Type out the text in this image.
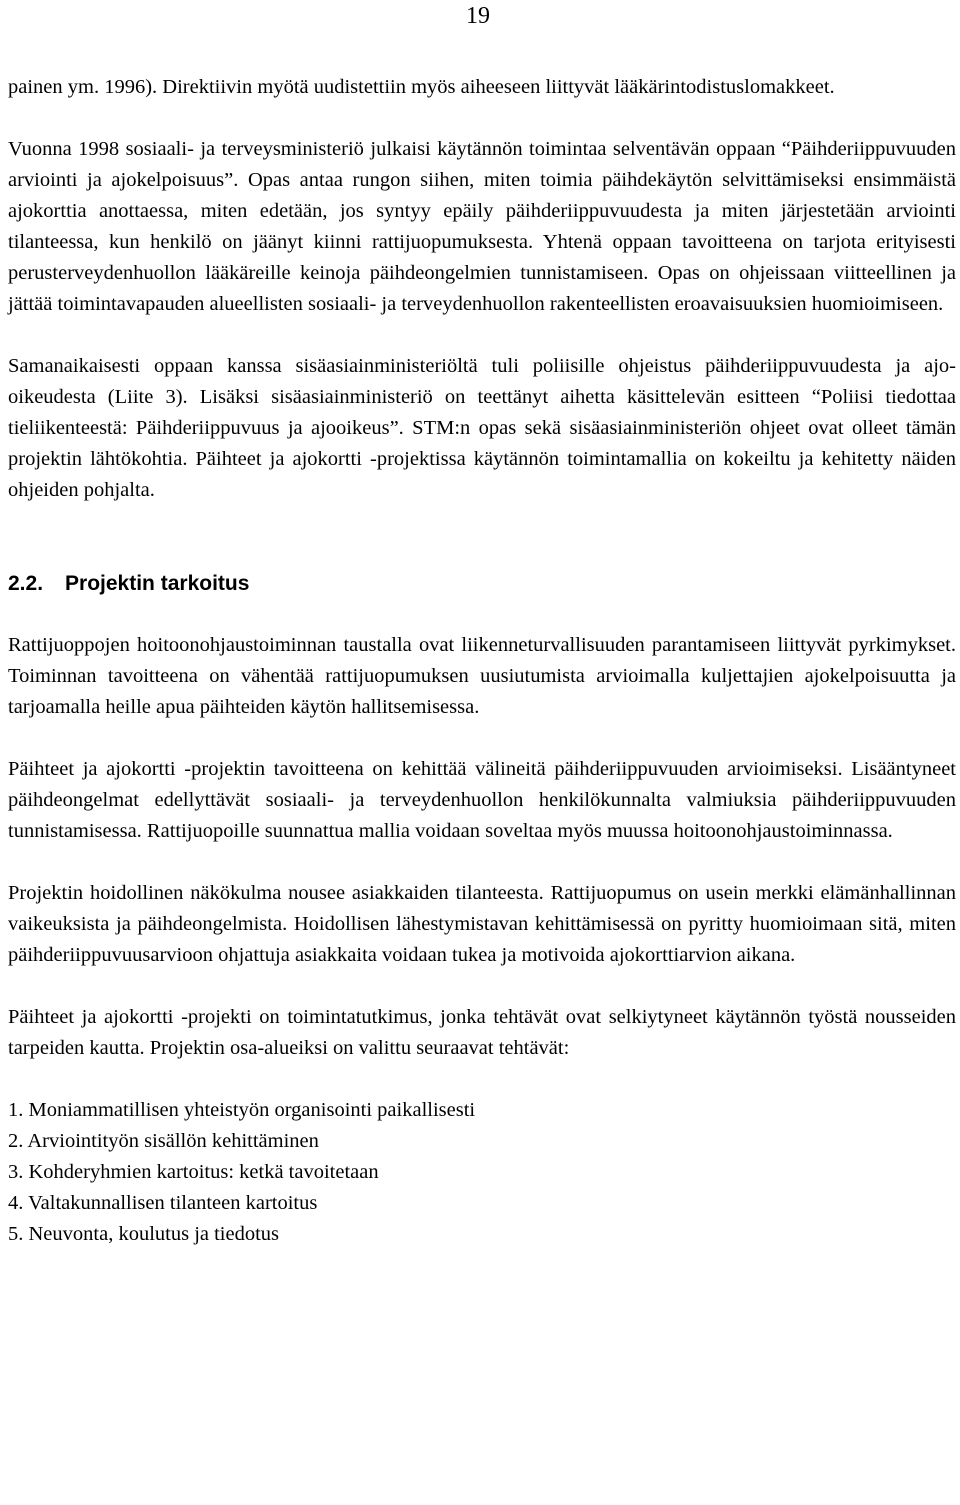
19

painen ym. 1996). Direktiivin myötä uudistettiin myös aiheeseen liittyvät lääkärintodistuslomakkeet.

Vuonna 1998 sosiaali- ja terveysministeriö julkaisi käytännön toimintaa selventävän oppaan “Päihderiippuvuuden arviointi ja ajokelpoisuus”. Opas antaa rungon siihen, miten toimia päihdekäytön selvittämiseksi ensimmäistä ajokorttia anottaessa, miten edetään, jos syntyy epäily päihderiippuvuudesta ja miten järjestetään arviointi tilanteessa, kun henkilö on jäänyt kiinni rattijuopumuksesta. Yhtenä oppaan tavoitteena on tarjota erityisesti perusterveydenhuollon lääkäreille keinoja päihdeongelmien tunnistamiseen. Opas on ohjeissaan viitteellinen ja jättää toimintavapauden alueellisten sosiaali- ja terveydenhuollon rakenteellisten eroavaisuuksien huomioimiseen.

Samanaikaisesti oppaan kanssa sisäasiainministeriöltä tuli poliisille ohjeistus päihderiippuvuudesta ja ajo-oikeudesta (Liite 3). Lisäksi sisäasiainministeriö on teettänyt aihetta käsittelevän esitteen “Poliisi tiedottaa tieliikenteestä: Päihderiippuvuus ja ajooikeus”. STM:n opas sekä sisäasiainministeriön ohjeet ovat olleet tämän projektin lähtökohtia. Päihteet ja ajokortti -projektissa käytännön toimintamallia on kokeiltu ja kehitetty näiden ohjeiden pohjalta.

2.2. Projektin tarkoitus

Rattijuoppojen hoitoonohjaustoiminnan taustalla ovat liikenneturvallisuuden parantamiseen liittyvät pyrkimykset. Toiminnan tavoitteena on vähentää rattijuopumuksen uusiutumista arvioimalla kuljettajien ajokelpoisuutta ja tarjoamalla heille apua päihteiden käytön hallitsemisessa.

Päihteet ja ajokortti -projektin tavoitteena on kehittää välineitä päihderiippuvuuden arvioimiseksi. Lisääntyneet päihdeongelmat edellyttävät sosiaali- ja terveydenhuollon henkilökunnalta valmiuksia päihderiippuvuuden tunnistamisessa. Rattijuopoille suunnattua mallia voidaan soveltaa myös muussa hoitoonohjaustoiminnassa.

Projektin hoidollinen näkökulma nousee asiakkaiden tilanteesta. Rattijuopumus on usein merkki elämänhallinnan vaikeuksista ja päihdeongelmista. Hoidollisen lähestymistavan kehittämisessä on pyritty huomioimaan sitä, miten päihderiippuvuusarvioon ohjattuja asiakkaita voidaan tukea ja motivoida ajokorttiarvion aikana.

Päihteet ja ajokortti -projekti on toimintatutkimus, jonka tehtävät ovat selkiytyneet käytännön työstä nousseiden tarpeiden kautta. Projektin osa-alueiksi on valittu seuraavat tehtävät:

1. Moniammatillisen yhteistyön organisointi paikallisesti
2. Arviointityön sisällön kehittäminen
3. Kohderyhmien kartoitus: ketkä tavoitetaan
4. Valtakunnallisen tilanteen kartoitus
5. Neuvonta, koulutus ja tiedotus
